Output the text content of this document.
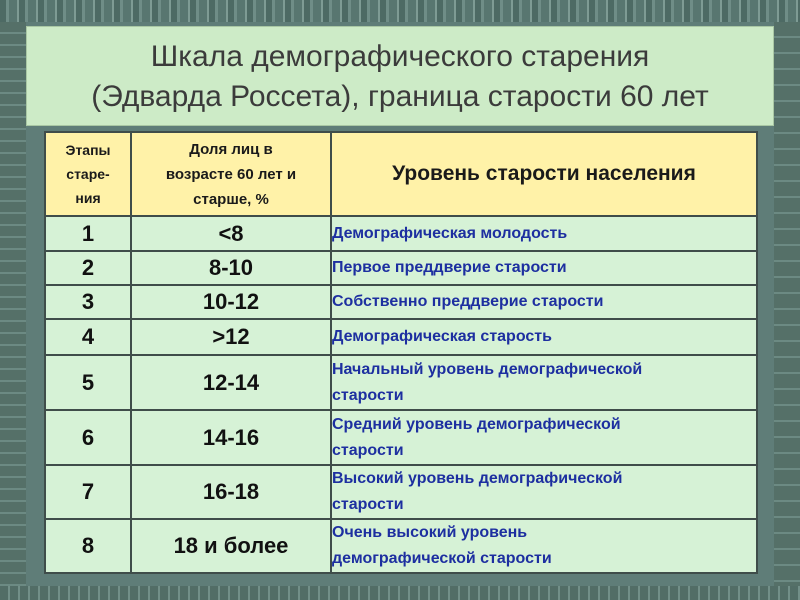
Шкала демографического старения
(Эдварда Россета), граница старости 60 лет
Этапы
старе-
ния	Доля лиц в
возрасте 60 лет и
старше, %	Уровень старости населения

1	<8	Демографическая молодость
2	8-10	Первое преддверие старости
3	10-12	Собственно преддверие старости
4	>12	Демографическая старость
5	12-14	Начальный уровень демографической
старости
6	14-16	Средний уровень демографической
старости
7	16-18	Высокий уровень демографической
старости
8	18 и более	Очень высокий уровень
демографической старости
